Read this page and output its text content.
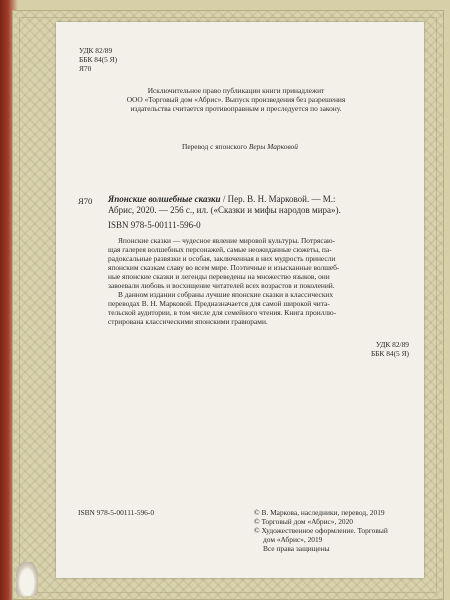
УДК 82/89
ББК 84(5 Я)
Я70
Исключительное право публикации книги принадлежит
ООО «Торговый дом «Абрис». Выпуск произведения без разрешения
издательства считается противоправным и преследуется по закону.
Перевод с японского Веры Марковой
Я70 Японские волшебные сказки / Пер. В. Н. Марковой. — М.:
Абрис, 2020. — 256 с., ил. («Сказки и мифы народов мира»).
ISBN 978-5-00111-596-0
Японские сказки — чудесное явление мировой культуры. Потрясаю-
щая галерея волшебных персонажей, самые неожиданные сюжеты, па-
радоксальные развязки и особая, заключенная в них мудрость принесли
японским сказкам славу во всем мире. Поэтичные и изысканные волшеб-
ные японские сказки и легенды переведены на множество языков, они
завоевали любовь и восхищение читателей всех возрастов и поколений.
В данном издании собраны лучшие японские сказки в классических
переводах В. Н. Марковой. Предназначается для самой широкой чита-
тельской аудитории, в том числе для семейного чтения. Книга проиллю-
стрирована классическими японскими гравюрами.
УДК 82/89
ББК 84(5 Я)
ISBN 978-5-00111-596-0	© В. Маркова, наследники, перевод, 2019
© Торговый дом «Абрис», 2020
© Художественное оформление. Торговый
дом «Абрис», 2019
Все права защищены
